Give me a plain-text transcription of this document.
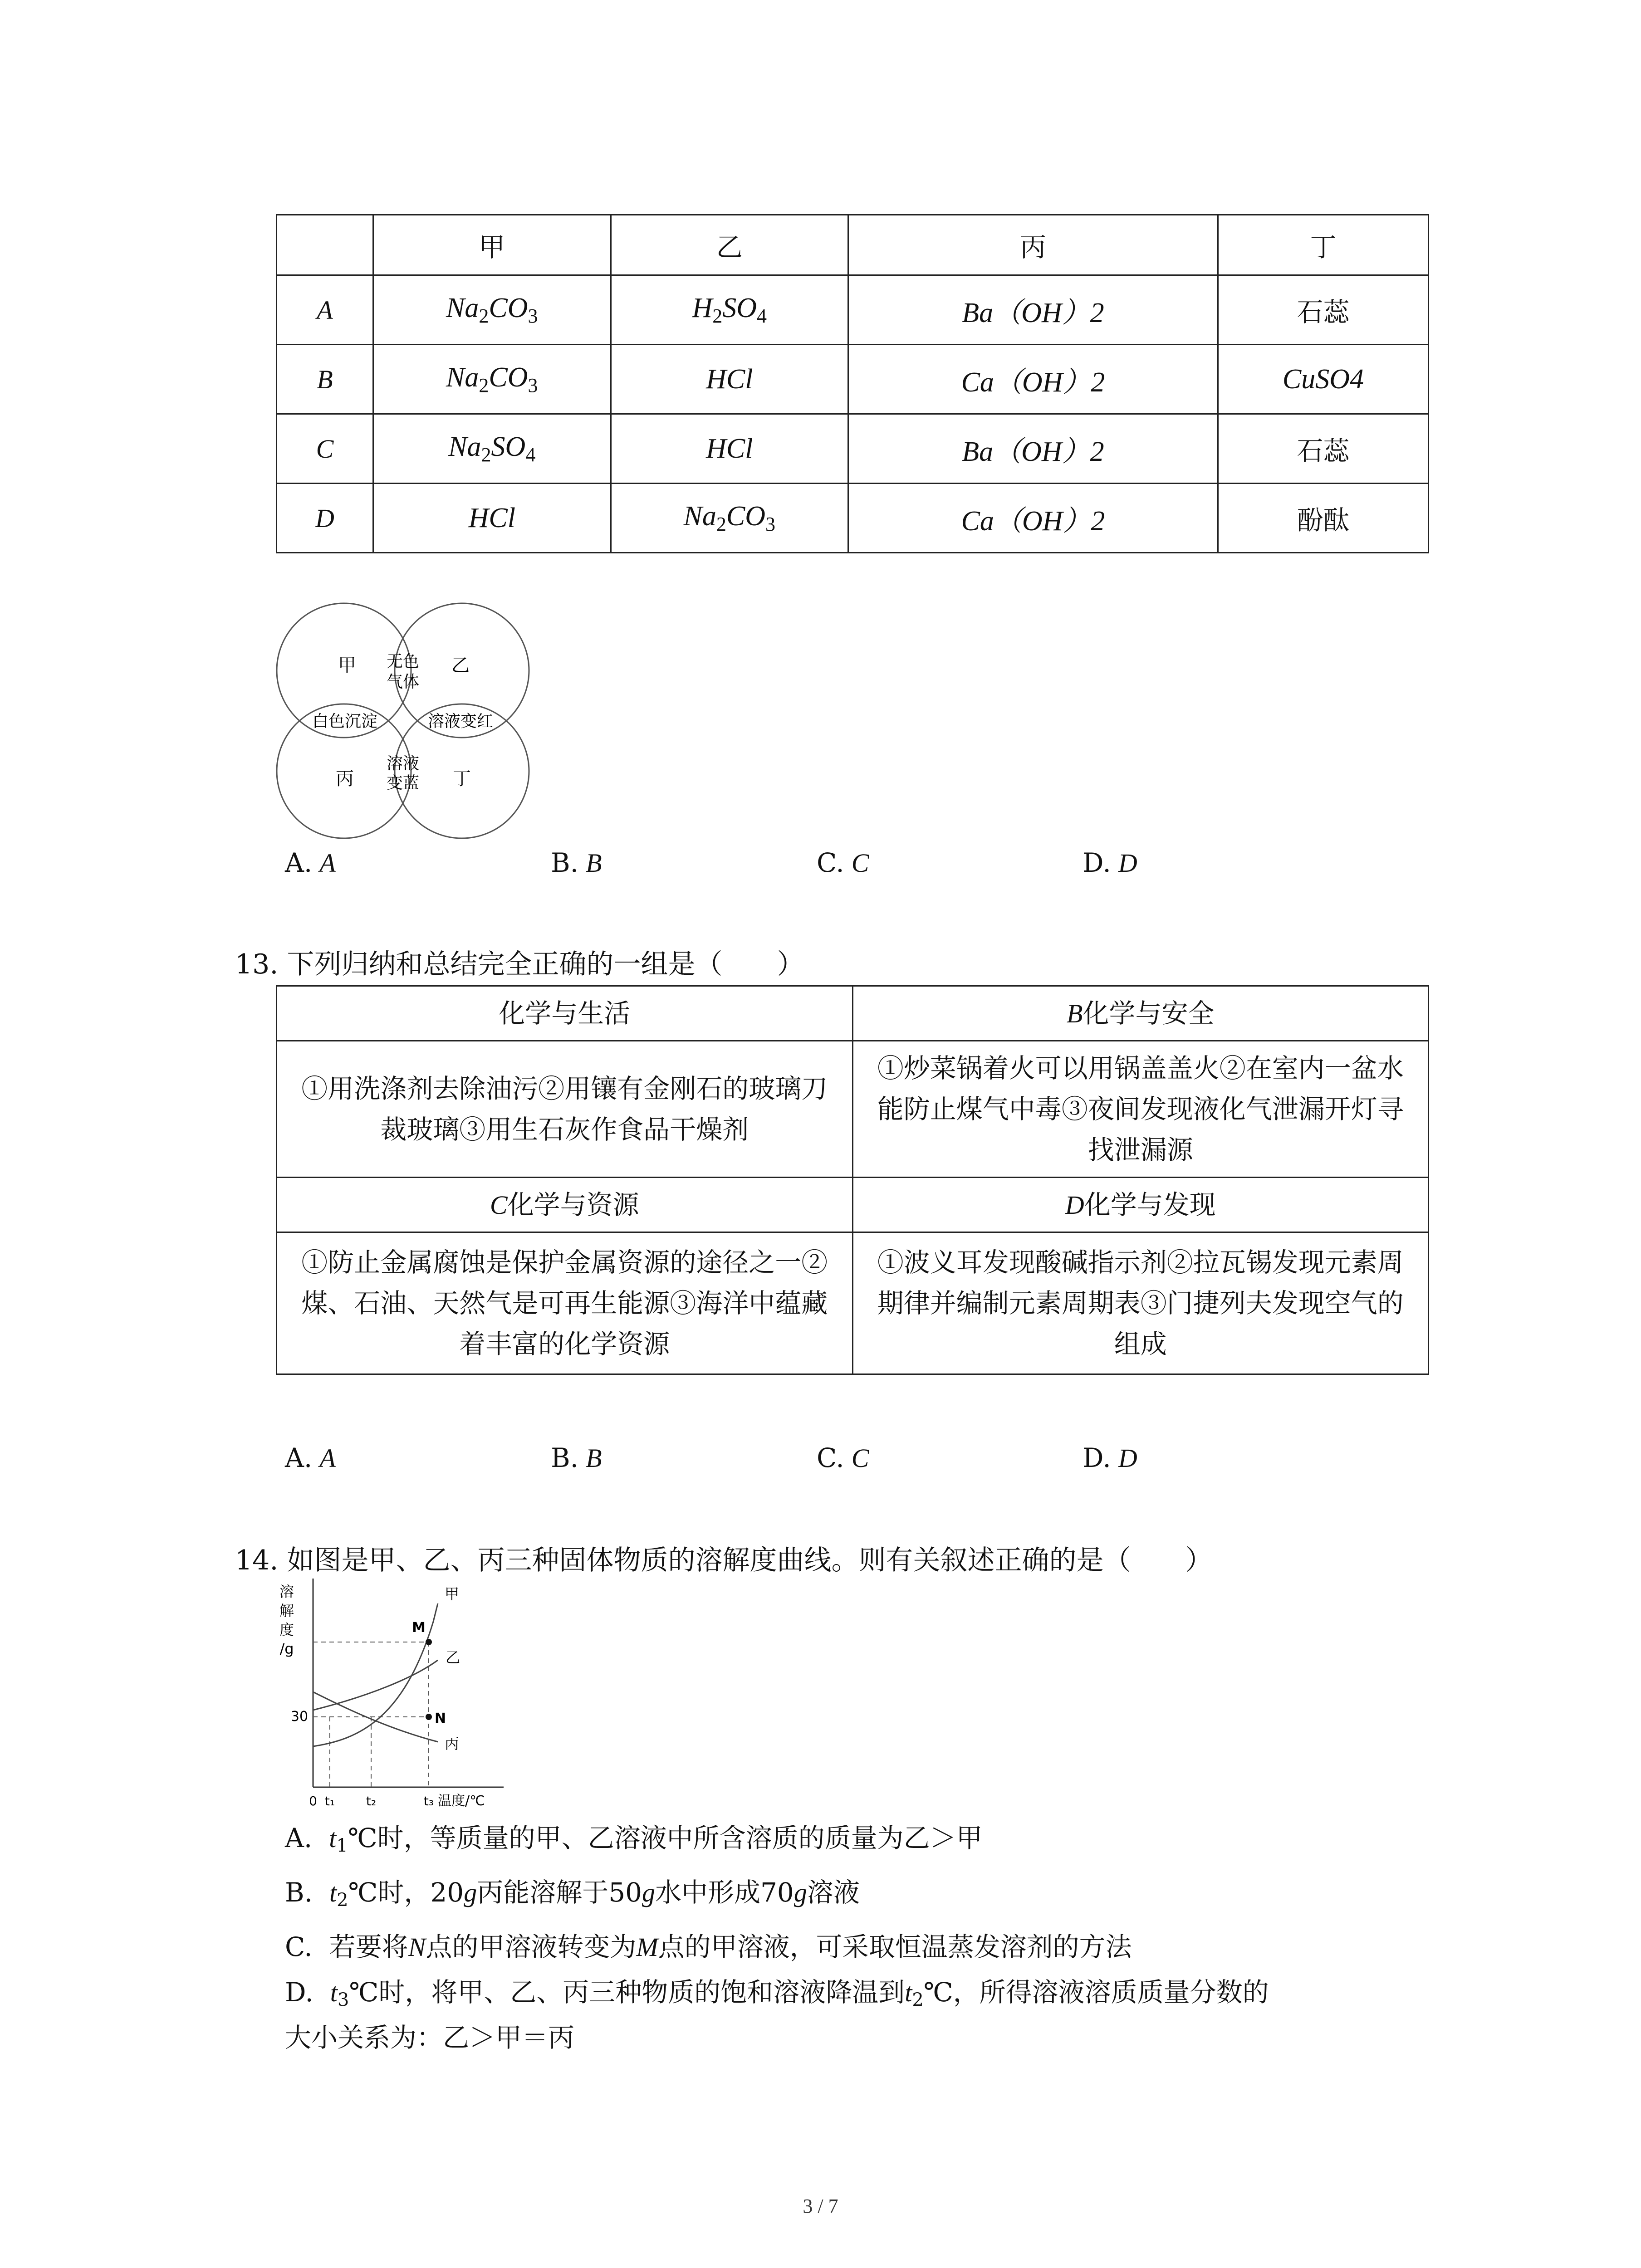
	甲	乙	丙	丁
A	$Na_2CO_3$	$H_2SO_4$	Ba（OH）2	石蕊
B	$Na_2CO_3$	HCl	Ca（OH）2	CuSO4
C	$Na_2SO_4$	HCl	Ba（OH）2	石蕊
D	HCl	$Na_2CO_3$	Ca（OH）2	酚酞
甲	乙
丙	丁
无色
气体
白色沉淀	溶液变红
溶液
变蓝
A. A	B. B	C. C	D. D
13. 下列归纳和总结完全正确的一组是（　　）
化学与生活	B化学与安全
①用洗涤剂去除油污②用镶有金刚石的玻璃刀裁玻璃③用生石灰作食品干燥剂	①炒菜锅着火可以用锅盖盖火②在室内一盆水能防止煤气中毒③夜间发现液化气泄漏开灯寻找泄漏源
C化学与资源	D化学与发现
①防止金属腐蚀是保护金属资源的途径之一②煤、石油、天然气是可再生能源③海洋中蕴藏着丰富的化学资源	①波义耳发现酸碱指示剂②拉瓦锡发现元素周期律并编制元素周期表③门捷列夫发现空气的组成
A. A	B. B	C. C	D. D
14. 如图是甲、乙、丙三种固体物质的溶解度曲线。则有关叙述正确的是（　　）
溶
解
度
/g
30
M
N
甲
乙
丙
0 t₁ t₂	t₃ 温度/℃
A. $t_1℃$时，等质量的甲、乙溶液中所含溶质的质量为乙＞甲
B. $t_2℃$时，20g丙能溶解于50g水中形成70g溶液
C. 若要将N点的甲溶液转变为M点的甲溶液，可采取恒温蒸发溶剂的方法
D. $t_3℃$时，将甲、乙、丙三种物质的饱和溶液降温到$t_2℃$，所得溶液溶质质量分数的
大小关系为：乙＞甲＝丙
3 / 7
